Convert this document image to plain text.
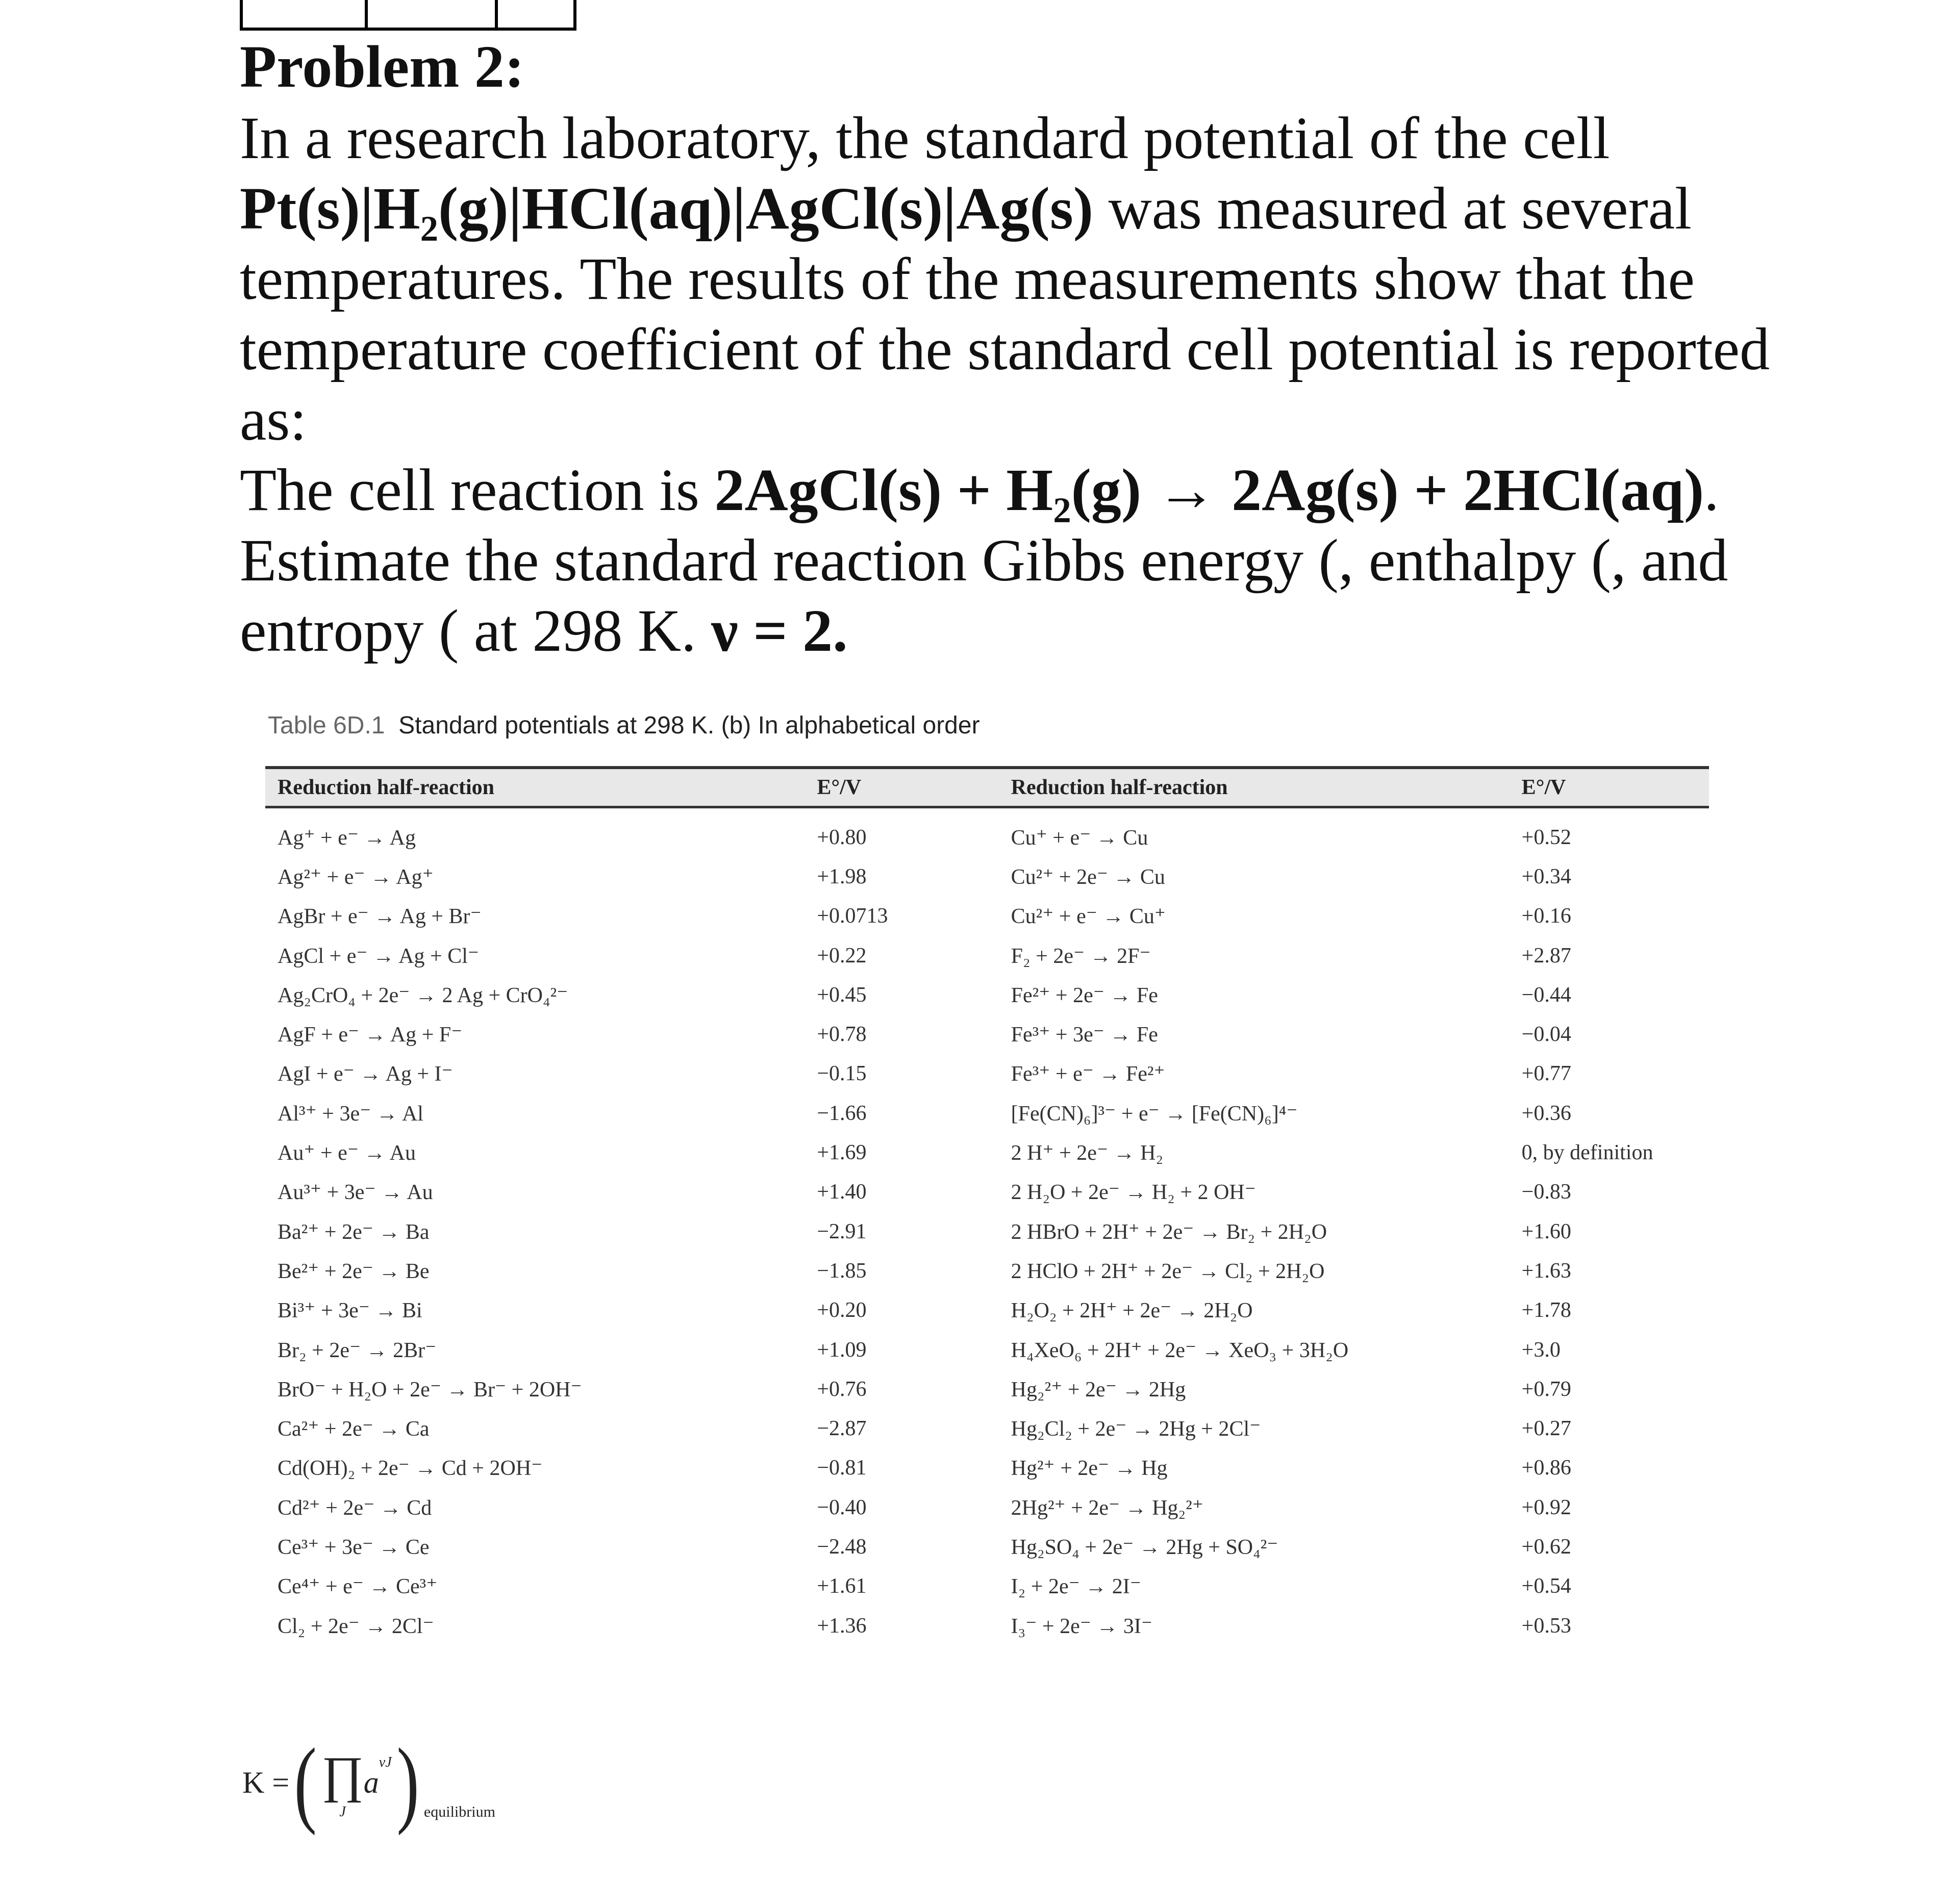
Problem 2:

In a research laboratory, the standard potential of the cell Pt(s)|H₂(g)|HCl(aq)|AgCl(s)|Ag(s) was measured at several temperatures. The results of the measurements show that the temperature coefficient of the standard cell potential is reported as:

The cell reaction is 2AgCl(s) + H₂(g) → 2Ag(s) + 2HCl(aq).

Estimate the standard reaction Gibbs energy (, enthalpy (, and entropy ( at 298 K. ν = 2.

Table 6D.1 Standard potentials at 298 K. (b) In alphabetical order
Reduction half-reaction	E°/V	Reduction half-reaction	E°/V
Ag⁺ + e⁻ → Ag	+0.80	Cu⁺ + e⁻ → Cu	+0.52
Ag²⁺ + e⁻ → Ag⁺	+1.98	Cu²⁺ + 2e⁻ → Cu	+0.34
AgBr + e⁻ → Ag + Br⁻	+0.0713	Cu²⁺ + e⁻ → Cu⁺	+0.16
AgCl + e⁻ → Ag + Cl⁻	+0.22	F₂ + 2e⁻ → 2F⁻	+2.87
Ag₂CrO₄ + 2e⁻ → 2 Ag + CrO₄²⁻	+0.45	Fe²⁺ + 2e⁻ → Fe	−0.44
AgF + e⁻ → Ag + F⁻	+0.78	Fe³⁺ + 3e⁻ → Fe	−0.04
AgI + e⁻ → Ag + I⁻	−0.15	Fe³⁺ + e⁻ → Fe²⁺	+0.77
Al³⁺ + 3e⁻ → Al	−1.66	[Fe(CN)₆]³⁻ + e⁻ → [Fe(CN)₆]⁴⁻	+0.36
Au⁺ + e⁻ → Au	+1.69	2 H⁺ + 2e⁻ → H₂	0, by definition
Au³⁺ + 3e⁻ → Au	+1.40	2 H₂O + 2e⁻ → H₂ + 2 OH⁻	−0.83
Ba²⁺ + 2e⁻ → Ba	−2.91	2 HBrO + 2H⁺ + 2e⁻ → Br₂ + 2H₂O	+1.60
Be²⁺ + 2e⁻ → Be	−1.85	2 HClO + 2H⁺ + 2e⁻ → Cl₂ + 2H₂O	+1.63
Bi³⁺ + 3e⁻ → Bi	+0.20	H₂O₂ + 2H⁺ + 2e⁻ → 2H₂O	+1.78
Br₂ + 2e⁻ → 2Br⁻	+1.09	H₄XeO₆ + 2H⁺ + 2e⁻ → XeO₃ + 3H₂O	+3.0
BrO⁻ + H₂O + 2e⁻ → Br⁻ + 2OH⁻	+0.76	Hg₂²⁺ + 2e⁻ → 2Hg	+0.79
Ca²⁺ + 2e⁻ → Ca	−2.87	Hg₂Cl₂ + 2e⁻ → 2Hg + 2Cl⁻	+0.27
Cd(OH)₂ + 2e⁻ → Cd + 2OH⁻	−0.81	Hg²⁺ + 2e⁻ → Hg	+0.86
Cd²⁺ + 2e⁻ → Cd	−0.40	2Hg²⁺ + 2e⁻ → Hg₂²⁺	+0.92
Ce³⁺ + 3e⁻ → Ce	−2.48	Hg₂SO₄ + 2e⁻ → 2Hg + SO₄²⁻	+0.62
Ce⁴⁺ + e⁻ → Ce³⁺	+1.61	I₂ + 2e⁻ → 2I⁻	+0.54
Cl₂ + 2e⁻ → 2Cl⁻	+1.36	I₃⁻ + 2e⁻ → 3I⁻	+0.53
K = ( ∏
J
a
$^{\nu J}$ ) equilibrium
